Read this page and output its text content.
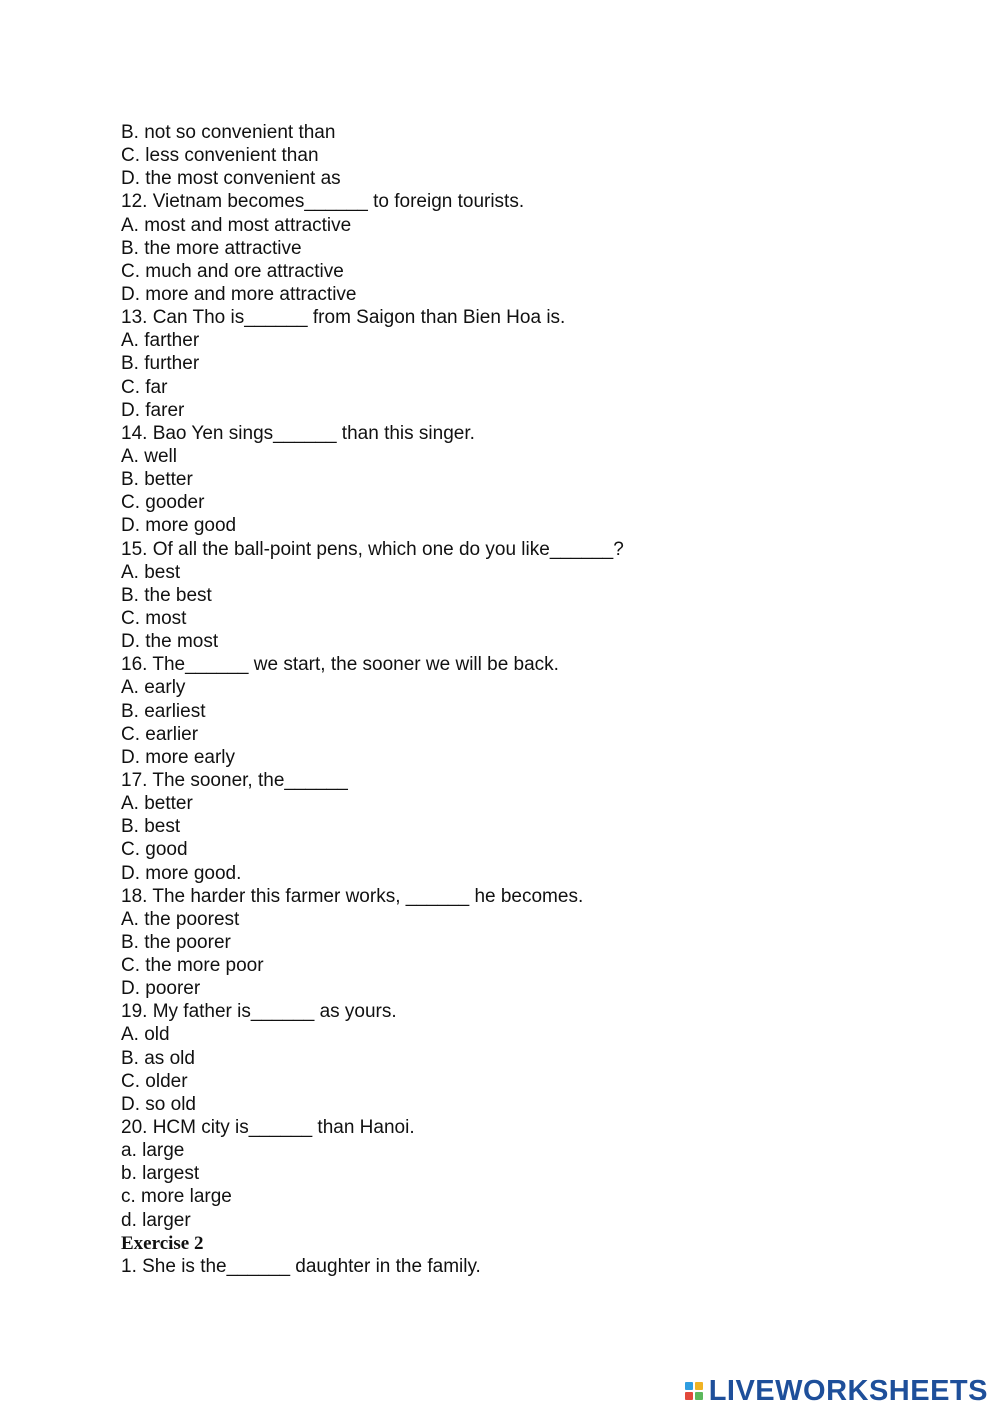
B. not so convenient than
C. less convenient than
D. the most convenient as
12. Vietnam becomes______ to foreign tourists.
A. most and most attractive
B. the more attractive
C. much and ore attractive
D. more and more attractive
13. Can Tho is______ from Saigon than Bien Hoa is.
A. farther
B. further
C. far
D. farer
14. Bao Yen sings______ than this singer.
A. well
B. better
C. gooder
D. more good
15. Of all the ball-point pens, which one do you like______?
A. best
B. the best
C. most
D. the most
16. The______ we start, the sooner we will be back.
A. early
B. earliest
C. earlier
D. more early
17. The sooner, the______
A. better
B. best
C. good
D. more good.
18. The harder this farmer works, ______ he becomes.
A. the poorest
B. the poorer
C. the more poor
D. poorer
19. My father is______ as yours.
A. old
B. as old
C. older
D. so old
20. HCM city is______ than Hanoi.
a. large
b. largest
c. more large
d. larger
Exercise 2
1. She is the______ daughter in the family.
LIVEWORKSHEETS
